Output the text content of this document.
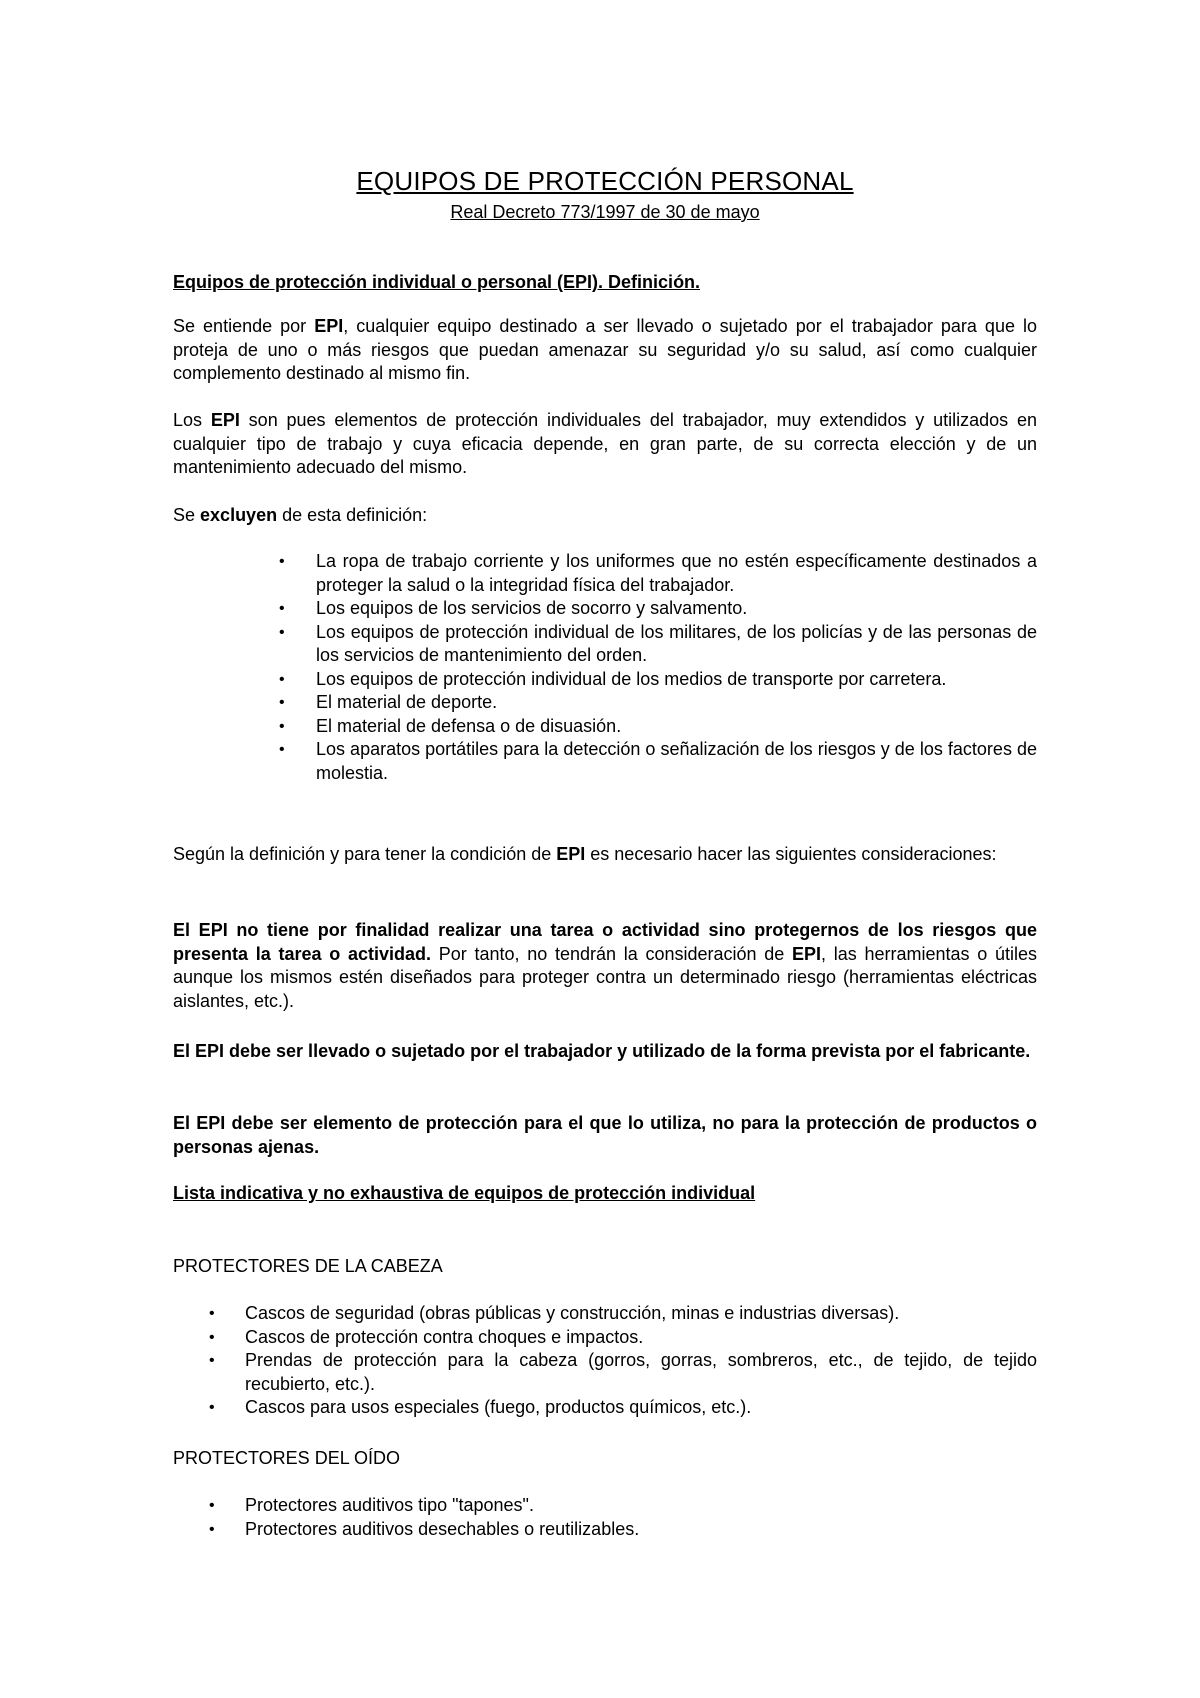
EQUIPOS DE PROTECCIÓN PERSONAL

Real Decreto 773/1997 de 30 de mayo

Equipos de protección individual o personal (EPI). Definición.

Se entiende por EPI, cualquier equipo destinado a ser llevado o sujetado por el trabajador para que lo proteja de uno o más riesgos que puedan amenazar su seguridad y/o su salud, así como cualquier complemento destinado al mismo fin.

Los EPI son pues elementos de protección individuales del trabajador, muy extendidos y utilizados en cualquier tipo de trabajo y cuya eficacia depende, en gran parte, de su correcta elección y de un mantenimiento adecuado del mismo.

Se excluyen de esta definición:

• La ropa de trabajo corriente y los uniformes que no estén específicamente destinados a proteger la salud o la integridad física del trabajador.
• Los equipos de los servicios de socorro y salvamento.
• Los equipos de protección individual de los militares, de los policías y de las personas de los servicios de mantenimiento del orden.
• Los equipos de protección individual de los medios de transporte por carretera.
• El material de deporte.
• El material de defensa o de disuasión.
• Los aparatos portátiles para la detección o señalización de los riesgos y de los factores de molestia.

Según la definición y para tener la condición de EPI es necesario hacer las siguientes consideraciones:

El EPI no tiene por finalidad realizar una tarea o actividad sino protegernos de los riesgos que presenta la tarea o actividad. Por tanto, no tendrán la consideración de EPI, las herramientas o útiles aunque los mismos estén diseñados para proteger contra un determinado riesgo (herramientas eléctricas aislantes, etc.).

El EPI debe ser llevado o sujetado por el trabajador y utilizado de la forma prevista por el fabricante.

El EPI debe ser elemento de protección para el que lo utiliza, no para la protección de productos o personas ajenas.

Lista indicativa y no exhaustiva de equipos de protección individual

PROTECTORES DE LA CABEZA

• Cascos de seguridad (obras públicas y construcción, minas e industrias diversas).
• Cascos de protección contra choques e impactos.
• Prendas de protección para la cabeza (gorros, gorras, sombreros, etc., de tejido, de tejido recubierto, etc.).
• Cascos para usos especiales (fuego, productos químicos, etc.).

PROTECTORES DEL OÍDO

• Protectores auditivos tipo "tapones".
• Protectores auditivos desechables o reutilizables.
